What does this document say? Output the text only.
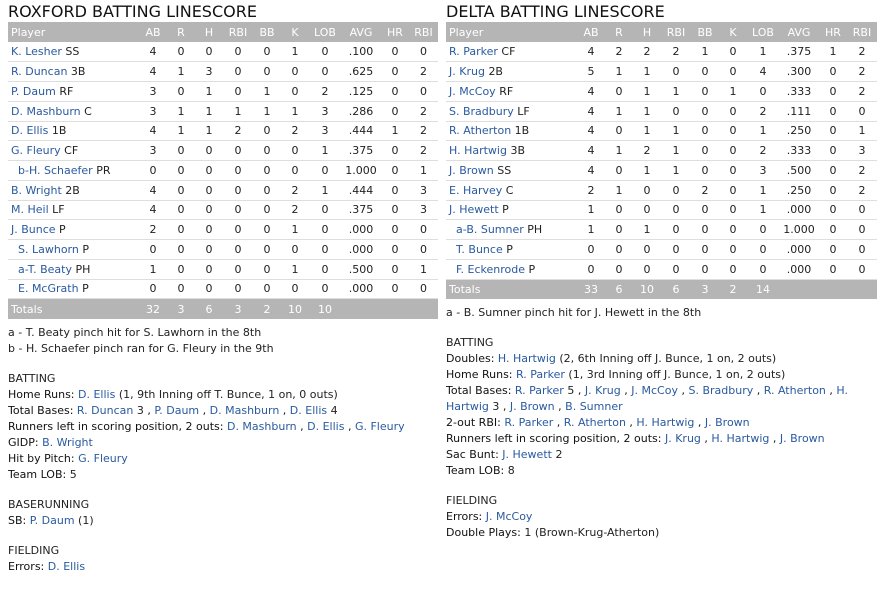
ROXFORD BATTING LINESCORE
Player	AB	R	H	RBI	BB	K	LOB	AVG	HR	RBI
K. Lesher SS	4	0	0	0	0	1	0	.100	0	0
R. Duncan 3B	4	1	3	0	0	0	0	.625	0	2
P. Daum RF	3	0	1	0	1	0	2	.125	0	0
D. Mashburn C	3	1	1	1	1	1	3	.286	0	2
D. Ellis 1B	4	1	1	2	0	2	3	.444	1	2
G. Fleury CF	3	0	0	0	0	0	1	.375	0	2
b-H. Schaefer PR	0	0	0	0	0	0	0	1.000	0	1
B. Wright 2B	4	0	0	0	0	2	1	.444	0	3
M. Heil LF	4	0	0	0	0	2	0	.375	0	3
J. Bunce P	2	0	0	0	0	1	0	.000	0	0
S. Lawhorn P	0	0	0	0	0	0	0	.000	0	0
a-T. Beaty PH	1	0	0	0	0	1	0	.500	0	1
E. McGrath P	0	0	0	0	0	0	0	.000	0	0
Totals	32	3	6	3	2	10	10			
a - T. Beaty pinch hit for S. Lawhorn in the 8th
b - H. Schaefer pinch ran for G. Fleury in the 9th
BATTING
Home Runs: D. Ellis (1, 9th Inning off T. Bunce, 1 on, 0 outs)
Total Bases: R. Duncan 3 , P. Daum , D. Mashburn , D. Ellis 4
Runners left in scoring position, 2 outs: D. Mashburn , D. Ellis , G. Fleury
GIDP: B. Wright
Hit by Pitch: G. Fleury
Team LOB: 5
BASERUNNING
SB: P. Daum (1)
FIELDING
Errors: D. Ellis
DELTA BATTING LINESCORE
Player	AB	R	H	RBI	BB	K	LOB	AVG	HR	RBI
R. Parker CF	4	2	2	2	1	0	1	.375	1	2
J. Krug 2B	5	1	1	0	0	0	4	.300	0	2
J. McCoy RF	4	0	1	1	0	1	0	.333	0	2
S. Bradbury LF	4	1	1	0	0	0	2	.111	0	0
R. Atherton 1B	4	0	1	1	0	0	1	.250	0	1
H. Hartwig 3B	4	1	2	1	0	0	2	.333	0	3
J. Brown SS	4	0	1	1	0	0	3	.500	0	2
E. Harvey C	2	1	0	0	2	0	1	.250	0	2
J. Hewett P	1	0	0	0	0	0	1	.000	0	0
a-B. Sumner PH	1	0	1	0	0	0	0	1.000	0	0
T. Bunce P	0	0	0	0	0	0	0	.000	0	0
F. Eckenrode P	0	0	0	0	0	0	0	.000	0	0
Totals	33	6	10	6	3	2	14			
a - B. Sumner pinch hit for J. Hewett in the 8th
BATTING
Doubles: H. Hartwig (2, 6th Inning off J. Bunce, 1 on, 2 outs)
Home Runs: R. Parker (1, 3rd Inning off J. Bunce, 1 on, 2 outs)
Total Bases: R. Parker 5 , J. Krug , J. McCoy , S. Bradbury , R. Atherton , H. Hartwig 3 , J. Brown , B. Sumner
2-out RBI: R. Parker , R. Atherton , H. Hartwig , J. Brown
Runners left in scoring position, 2 outs: J. Krug , H. Hartwig , J. Brown
Sac Bunt: J. Hewett 2
Team LOB: 8
FIELDING
Errors: J. McCoy
Double Plays: 1 (Brown-Krug-Atherton)
